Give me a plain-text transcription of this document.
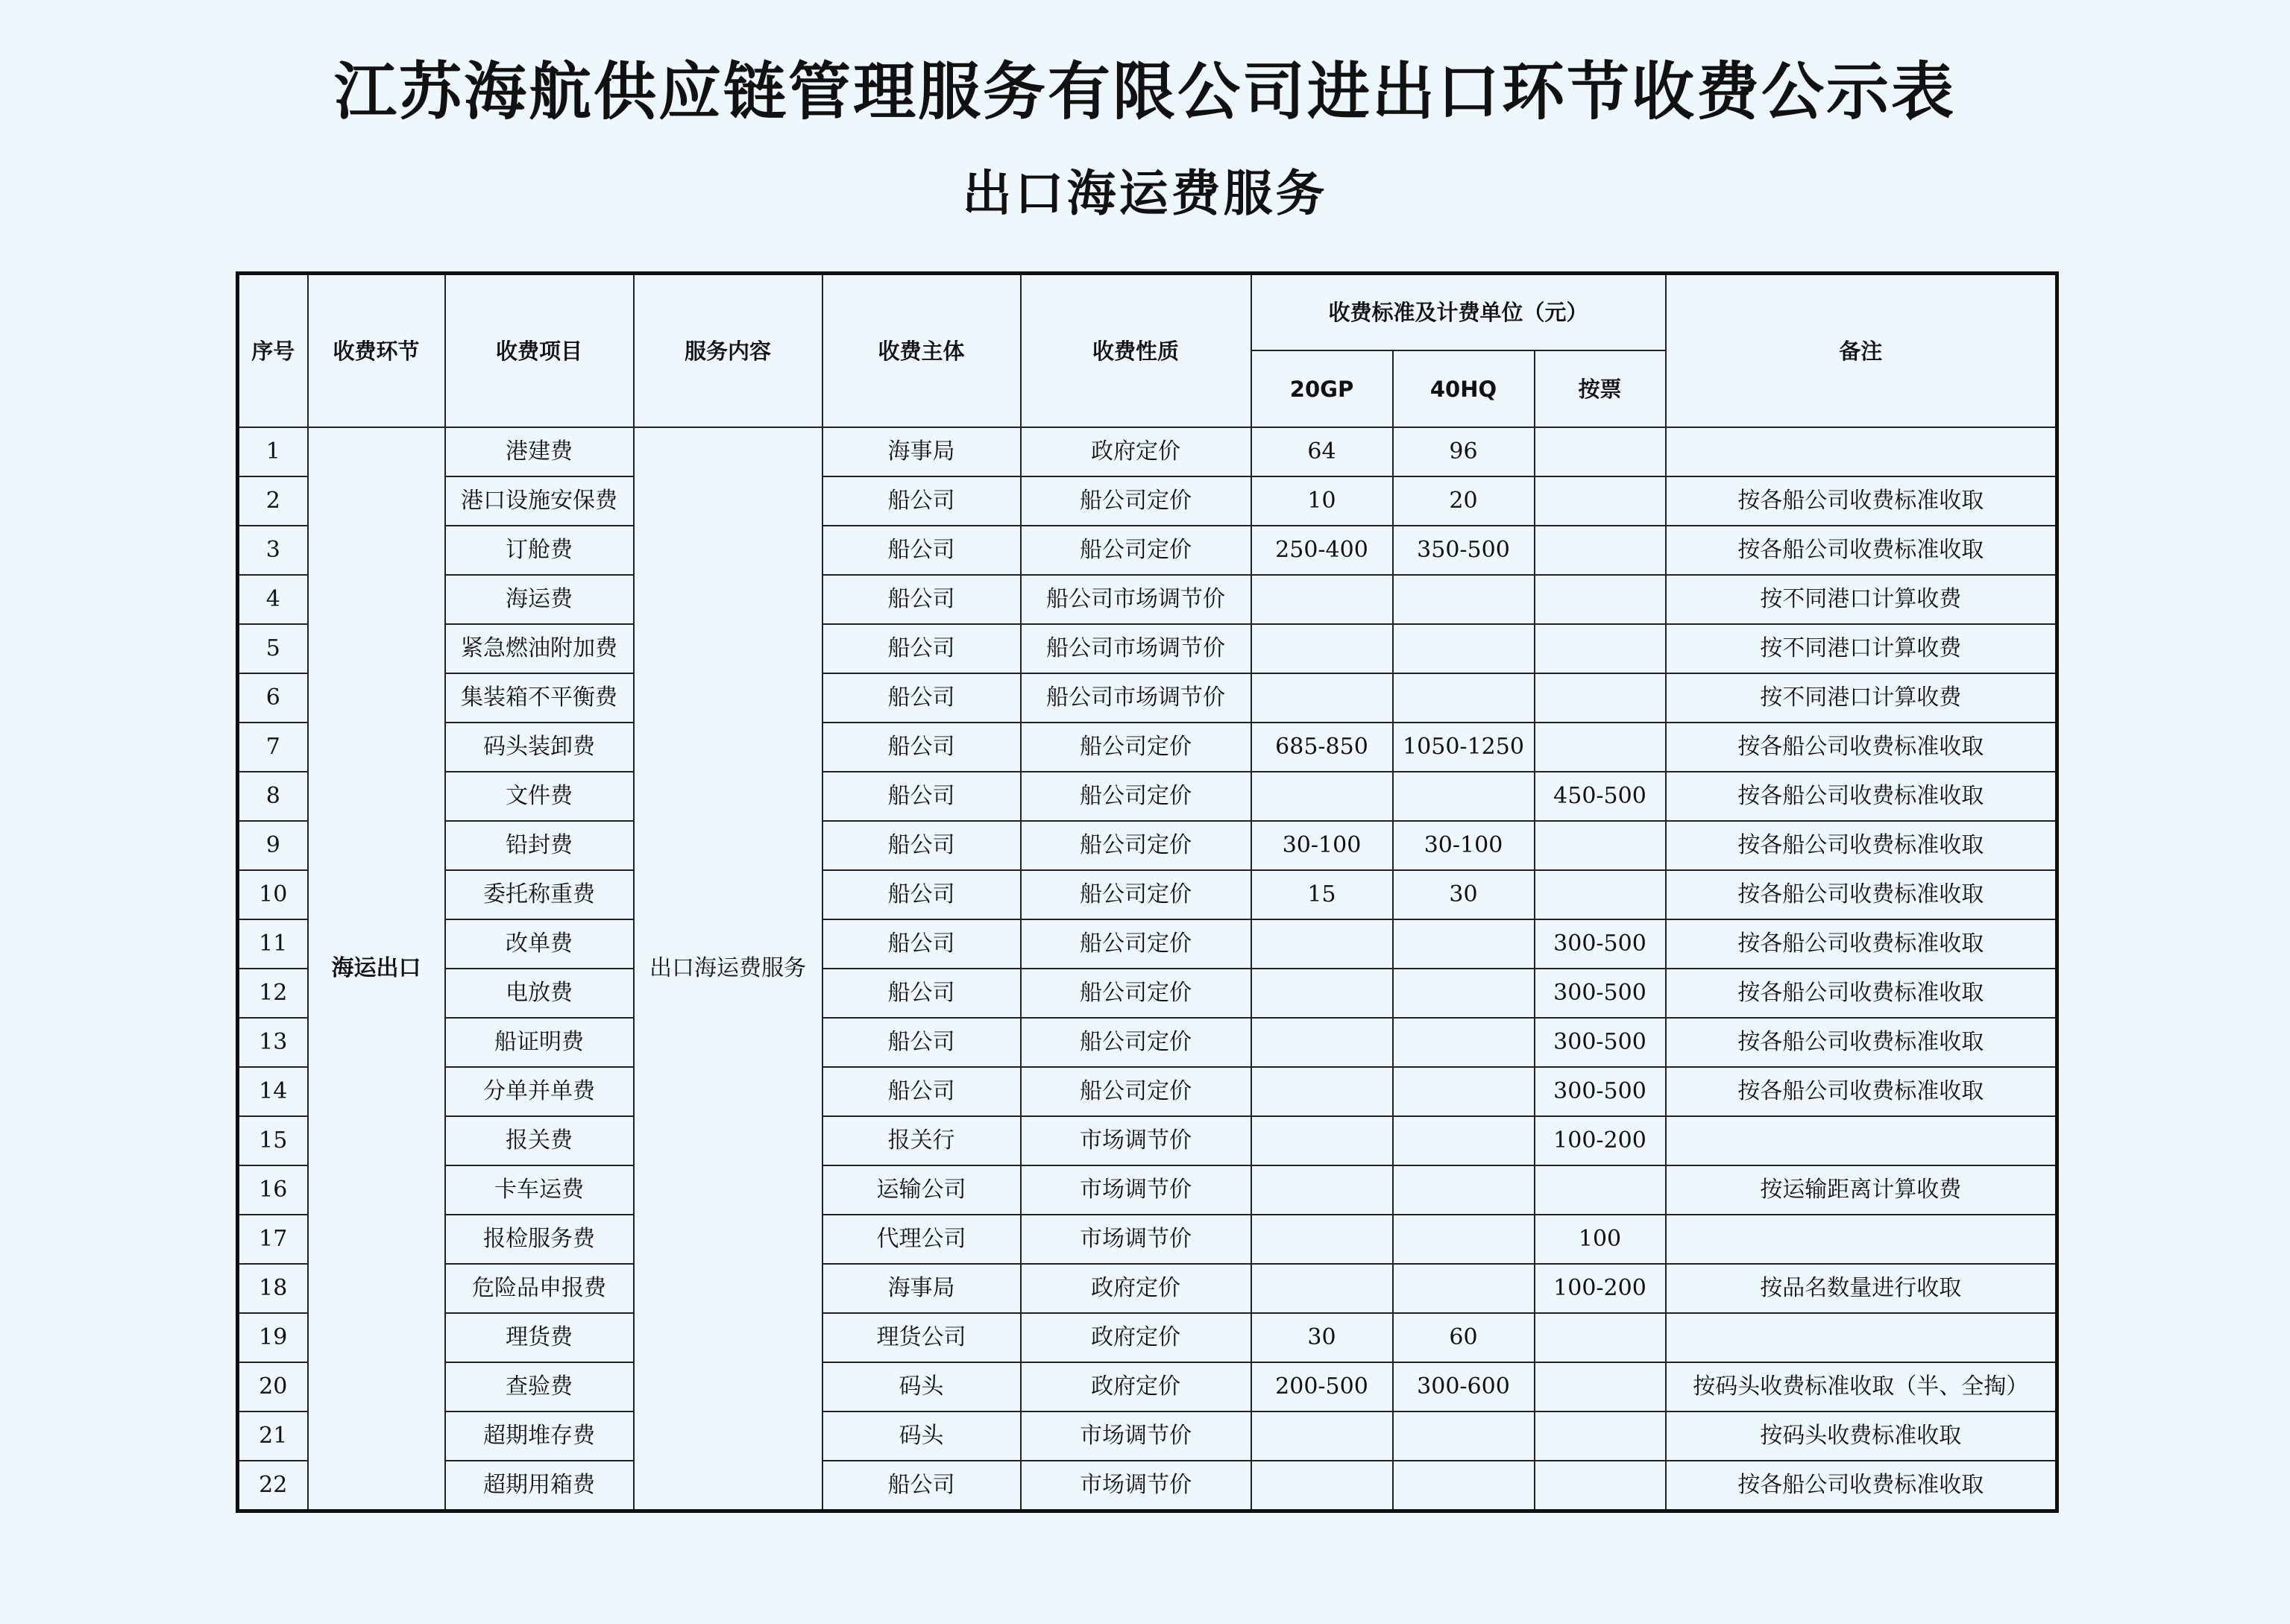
江苏海航供应链管理服务有限公司进出口环节收费公示表
出口海运费服务
序号	收费环节	收费项目	服务内容	收费主体	收费性质	收费标准及计费单位（元）			备注
						20GP	40HQ	按票	
1	海运出口	港建费	出口海运费服务	海事局	政府定价	64	96		
2		港口设施安保费		船公司	船公司定价	10	20		按各船公司收费标准收取
3		订舱费		船公司	船公司定价	250-400	350-500		按各船公司收费标准收取
4		海运费		船公司	船公司市场调节价				按不同港口计算收费
5		紧急燃油附加费		船公司	船公司市场调节价				按不同港口计算收费
6		集装箱不平衡费		船公司	船公司市场调节价				按不同港口计算收费
7		码头装卸费		船公司	船公司定价	685-850	1050-1250		按各船公司收费标准收取
8		文件费		船公司	船公司定价			450-500	按各船公司收费标准收取
9		铅封费		船公司	船公司定价	30-100	30-100		按各船公司收费标准收取
10		委托称重费		船公司	船公司定价	15	30		按各船公司收费标准收取
11		改单费		船公司	船公司定价			300-500	按各船公司收费标准收取
12		电放费		船公司	船公司定价			300-500	按各船公司收费标准收取
13		船证明费		船公司	船公司定价			300-500	按各船公司收费标准收取
14		分单并单费		船公司	船公司定价			300-500	按各船公司收费标准收取
15		报关费		报关行	市场调节价			100-200	
16		卡车运费		运输公司	市场调节价				按运输距离计算收费
17		报检服务费		代理公司	市场调节价			100	
18		危险品申报费		海事局	政府定价			100-200	按品名数量进行收取
19		理货费		理货公司	政府定价	30	60		
20		查验费		码头	政府定价	200-500	300-600		按码头收费标准收取（半、全掏）
21		超期堆存费		码头	市场调节价				按码头收费标准收取
22		超期用箱费		船公司	市场调节价				按各船公司收费标准收取
